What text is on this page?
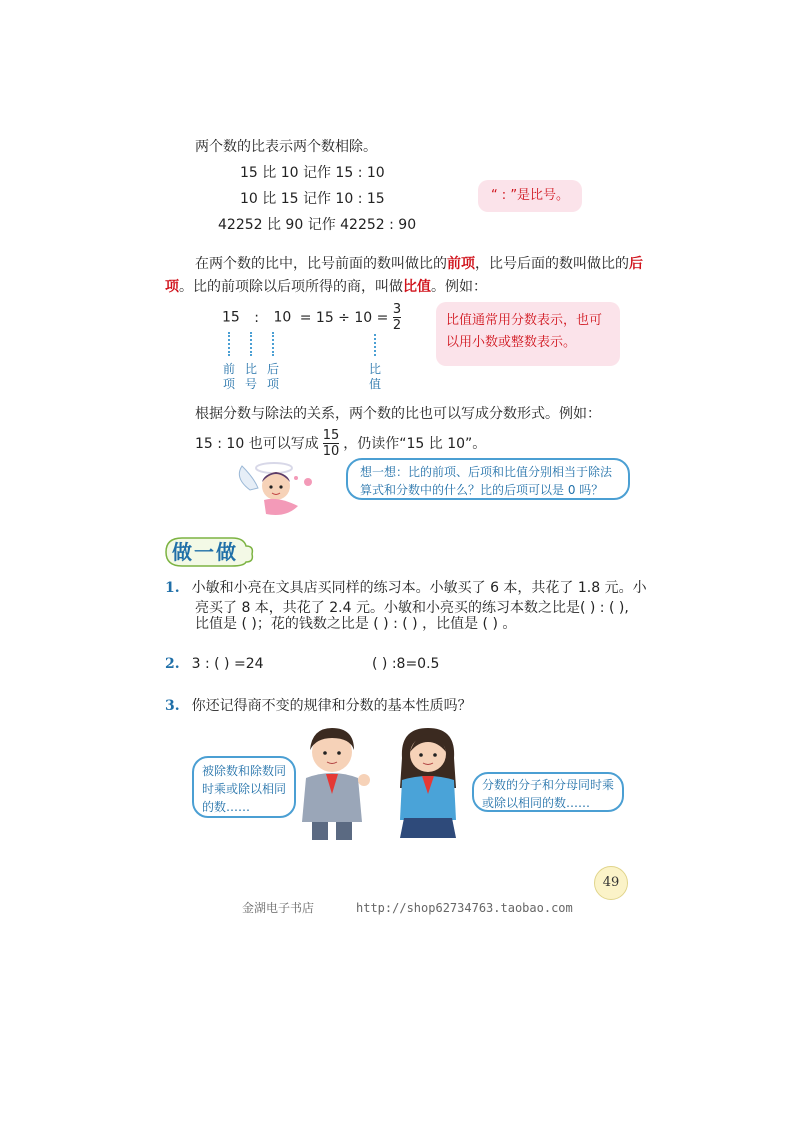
两个数的比表示两个数相除。
15 比 10 记作 15 : 10
10 比 15 记作 10 : 15
42252 比 90 记作 42252 : 90
“ : ”是比号。
在两个数的比中，比号前面的数叫做比的前项，比号后面的数叫做比的后
项。比的前项除以后项所得的商，叫做比值。例如：
15 : $10 = 15 \div 10 = \frac{3}{2}$
前项
比号
后项
比值
比值通常用分数表示，也可以用小数或整数表示。
根据分数与除法的关系，两个数的比也可以写成分数形式。例如：
15 : 10 也可以写成 $\frac{15}{10}$ ，仍读作“15 比 10”。
想一想：比的前项、后项和比值分别相当于除法算式和分数中的什么？比的后项可以是 0 吗？
做一做
1. 小敏和小亮在文具店买同样的练习本。小敏买了 6 本，共花了 1.8 元。小
亮买了 8 本，共花了 2.4 元。小敏和小亮买的练习本数之比是( ) : ( ),
比值是 ( )；花的钱数之比是 ( ) : ( ) ，比值是 ( ) 。
2. 3 : ( ) =24	( ) :8=0.5
3. 你还记得商不变的规律和分数的基本性质吗？
被除数和除数同时乘或除以相同的数……
分数的分子和分母同时乘或除以相同的数……
49
金湖电子书店	http://shop62734763.taobao.com
